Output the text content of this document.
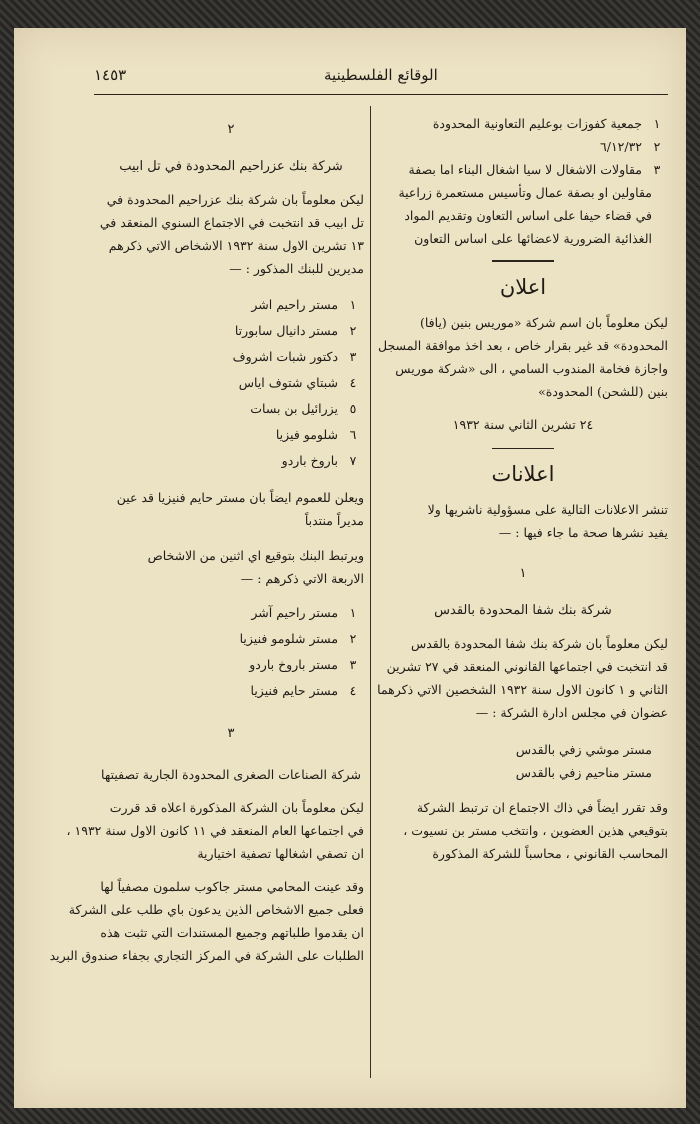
الوقائع الفلسطينية
١٤٥٣
١ جمعية كفوزات بوعليم التعاونية المحدودة
٢ ٦/١٢/٣٢
٣ مقاولات الاشغال لا سيا اشغال البناء اما بصفة
مقاولين او بصفة عمال وتأسيس مستعمرة زراعية
في قضاء حيفا على اساس التعاون وتقديم المواد
الغذائية الضرورية لاعضائها على اساس التعاون
اعلان
ليكن معلوماً بان اسم شركة «موريس بنين (يافا)
المحدودة» قد غير بقرار خاص ، بعد اخذ موافقة المسجل
واجازة فخامة المندوب السامي ، الى «شركة موريس
بنين (للشحن) المحدودة»
٢٤ تشرين الثاني سنة ١٩٣٢
اعلانات
تنشر الاعلانات التالية على مسؤولية ناشريها ولا
يفيد نشرها صحة ما جاء فيها : —
١
شركة بنك شفا المحدودة بالقدس
ليكن معلوماً بان شركة بنك شفا المحدودة بالقدس
قد انتخبت في اجتماعها القانوني المنعقد في ٢٧ تشرين
الثاني و ١ كانون الاول سنة ١٩٣٢ الشخصين الاتي ذكرهما
عضوان في مجلس ادارة الشركة : —
مستر موشي زفي بالقدس
مستر مناحيم زفي بالقدس
وقد تقرر ايضاً في ذاك الاجتماع ان ترتبط الشركة
بتوقيعي هذين العضوين ، وانتخب مستر بن نسيوت ،
المحاسب القانوني ، محاسباً للشركة المذكورة
٢
شركة بنك عزراحيم المحدودة في تل ابيب
ليكن معلوماً بان شركة بنك عزراحيم المحدودة في
تل ابيب قد انتخبت في الاجتماع السنوي المنعقد في
١٣ تشرين الاول سنة ١٩٣٢ الاشخاص الاتي ذكرهم
مديرين للبنك المذكور : —
١ مستر راحيم اشر
٢ مستر دانيال سابورتا
٣ دكتور شبات اشروف
٤ شبتاي شتوف اياس
٥ يزرائيل بن بسات
٦ شلومو فيزيا
٧ باروخ باردو
ويعلن للعموم ايضاً بان مستر حايم فنيزيا قد عين
مديراً منتدباً
ويرتبط البنك بتوقيع اي اثنين من الاشخاص
الاربعة الاتي ذكرهم : —
١ مستر راحيم آشر
٢ مستر شلومو فنيزيا
٣ مستر باروخ باردو
٤ مستر حايم فنيزيا
٣
شركة الصناعات الصغرى المحدودة الجارية تصفيتها
ليكن معلوماً بان الشركة المذكورة اعلاه قد قررت
في اجتماعها العام المنعقد في ١١ كانون الاول سنة ١٩٣٢ ،
ان تصفي اشغالها تصفية اختيارية
وقد عينت المحامي مستر جاكوب سلمون مصفياً لها
فعلى جميع الاشخاص الذين يدعون باي طلب على الشركة
ان يقدموا طلباتهم وجميع المستندات التي تثبت هذه
الطلبات على الشركة في المركز التجاري بجفاء صندوق البريد
